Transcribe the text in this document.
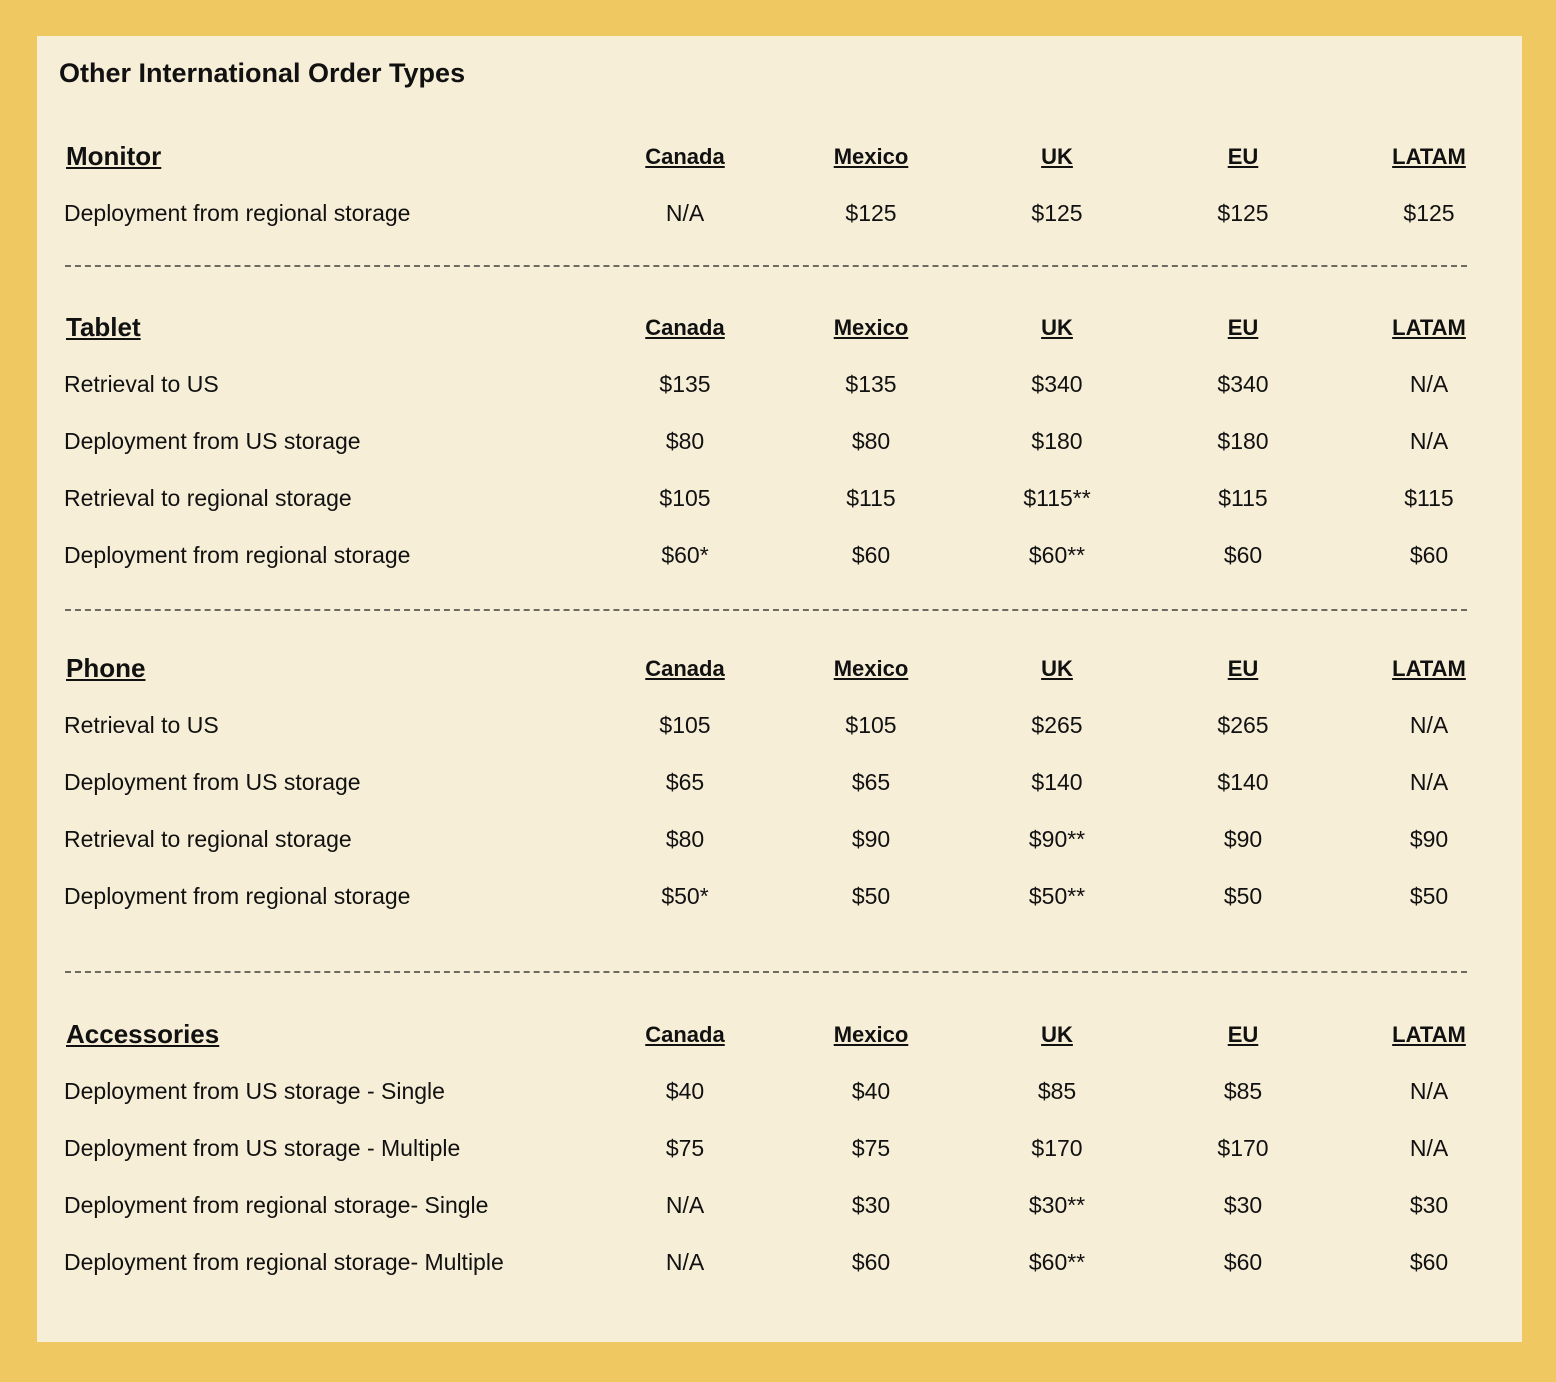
Other International Order Types
Monitor	Canada	Mexico	UK	EU	LATAM
Deployment from regional storage	N/A	$125	$125	$125	$125
Tablet	Canada	Mexico	UK	EU	LATAM
Retrieval to US	$135	$135	$340	$340	N/A
Deployment from US storage	$80	$80	$180	$180	N/A
Retrieval to regional storage	$105	$115	$115**	$115	$115
Deployment from regional storage	$60*	$60	$60**	$60	$60
Phone	Canada	Mexico	UK	EU	LATAM
Retrieval to US	$105	$105	$265	$265	N/A
Deployment from US storage	$65	$65	$140	$140	N/A
Retrieval to regional storage	$80	$90	$90**	$90	$90
Deployment from regional storage	$50*	$50	$50**	$50	$50
Accessories	Canada	Mexico	UK	EU	LATAM
Deployment from US storage - Single	$40	$40	$85	$85	N/A
Deployment from US storage - Multiple	$75	$75	$170	$170	N/A
Deployment from regional storage- Single	N/A	$30	$30**	$30	$30
Deployment from regional storage- Multiple	N/A	$60	$60**	$60	$60
